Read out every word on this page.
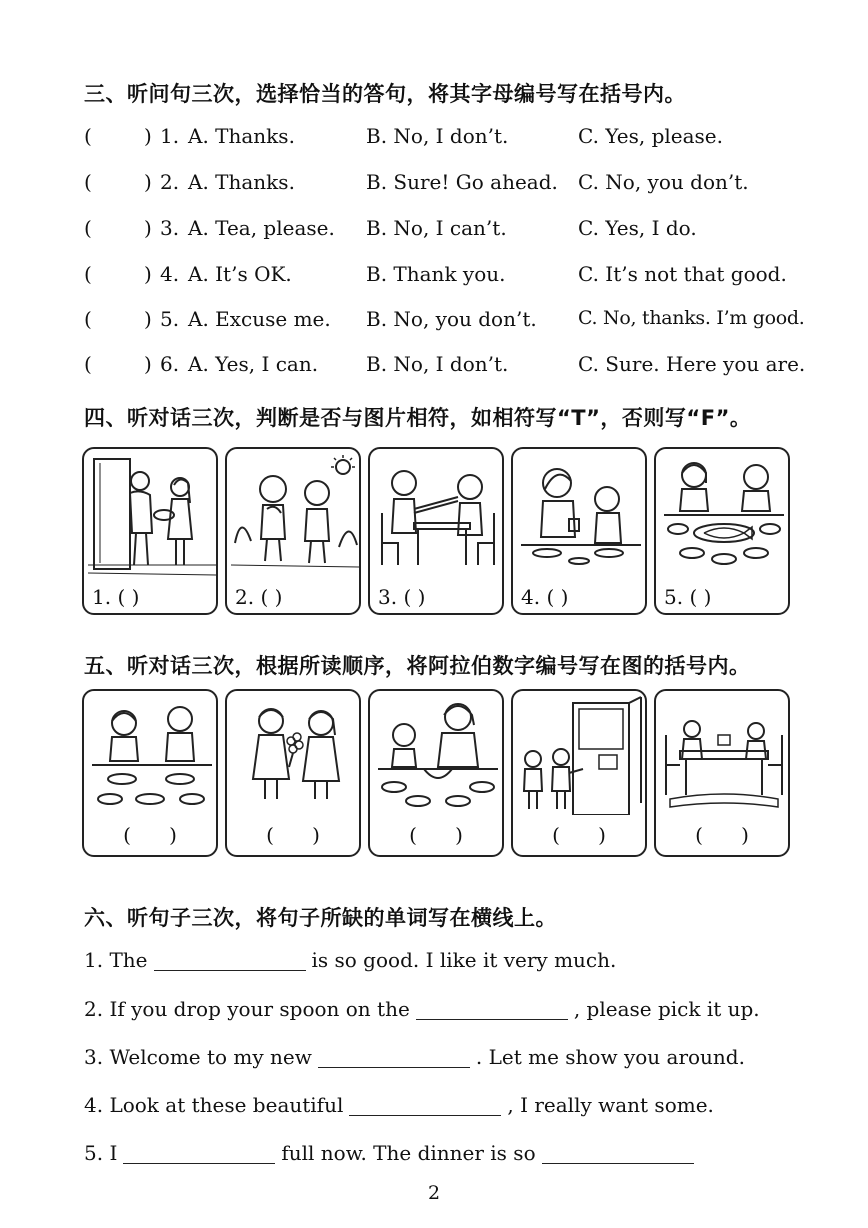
三、听问句三次，选择恰当的答句，将其字母编号写在括号内。
(	) 1. A. Thanks.	B. No, I don’t.	C. Yes, please.
(	) 2. A. Thanks.	B. Sure! Go ahead. C. No, you don’t.
(	) 3. A. Tea, please. B. No, I can’t.	C. Yes, I do.
(	) 4. A. It’s OK.	B. Thank you.	C. It’s not that good.
(	) 5. A. Excuse me. B. No, you don’t. C. No, thanks. I’m good.
(	) 6. A. Yes, I can. B. No, I don’t.	C. Sure. Here you are.
四、听对话三次，判断是否与图片相符，如相符写“T”，否则写“F”。
1. ( )	2. ( )	3. ( )	4. ( )	5. ( )
五、听对话三次，根据所读顺序，将阿拉伯数字编号写在图的括号内。
(      )	(      )	(      )	(      )	(      )
六、听句子三次，将句子所缺的单词写在横线上。
1. The	is so good. I like it very much.
2. If you drop your spoon on the	, please pick it up.
3. Welcome to my new	. Let me show you around.
4. Look at these beautiful	, I really want some.
5. I	full now. The dinner is so
2
